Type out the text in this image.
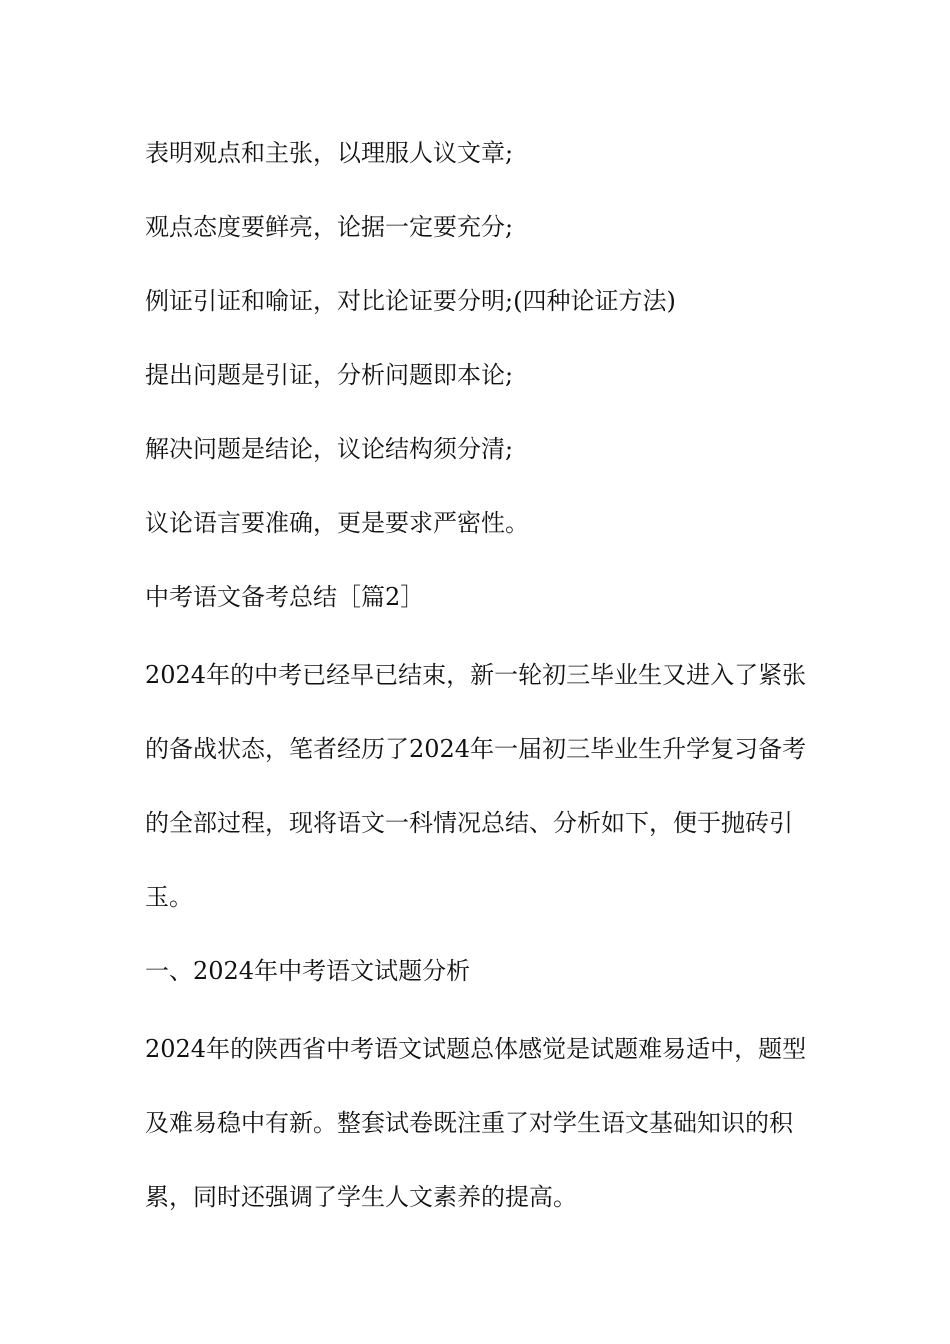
表明观点和主张，以理服人议文章;

观点态度要鲜亮，论据一定要充分;

例证引证和喻证，对比论证要分明;(四种论证方法)

提出问题是引证，分析问题即本论;

解决问题是结论，议论结构须分清;

议论语言要准确，更是要求严密性。

中考语文备考总结［篇2］

2024年的中考已经早已结束，新一轮初三毕业生又进入了紧张

的备战状态，笔者经历了2024年一届初三毕业生升学复习备考

的全部过程，现将语文一科情况总结、分析如下，便于抛砖引

玉。

一、2024年中考语文试题分析

2024年的陕西省中考语文试题总体感觉是试题难易适中，题型

及难易稳中有新。整套试卷既注重了对学生语文基础知识的积

累，同时还强调了学生人文素养的提高。
